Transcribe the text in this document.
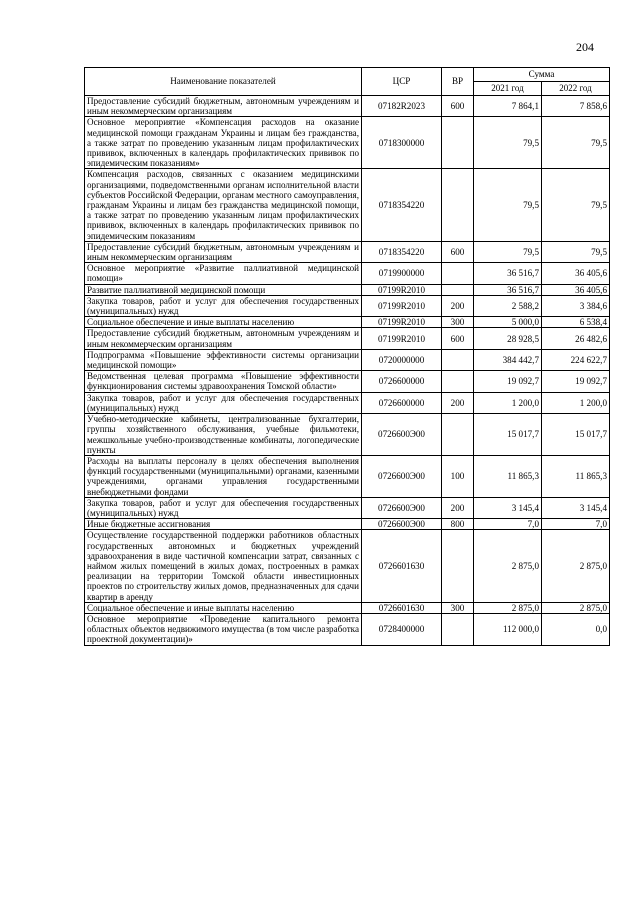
204
Наименование показателей	ЦСР	ВР	Сумма	
			2021 год	2022 год
Предоставление субсидий бюджетным, автономным учреждениям и иным некоммерческим организациям	07182R2023	600	7 864,1	7 858,6
Основное мероприятие «Компенсация расходов на оказание медицинской помощи гражданам Украины и лицам без гражданства, а также затрат по проведению указанным лицам профилактических прививок, включенных в календарь профилактических прививок по эпидемическим показаниям»	0718300000		79,5	79,5
Компенсация расходов, связанных с оказанием медицинскими организациями, подведомственными органам исполнительной власти субъектов Российской Федерации, органам местного самоуправления, гражданам Украины и лицам без гражданства медицинской помощи, а также затрат по проведению указанным лицам профилактических прививок, включенных в календарь профилактических прививок по эпидемическим показаниям	0718354220		79,5	79,5
Предоставление субсидий бюджетным, автономным учреждениям и иным некоммерческим организациям	0718354220	600	79,5	79,5
Основное мероприятие «Развитие паллиативной медицинской помощи»	0719900000		36 516,7	36 405,6
Развитие паллиативной медицинской помощи	07199R2010		36 516,7	36 405,6
Закупка товаров, работ и услуг для обеспечения государственных (муниципальных) нужд	07199R2010	200	2 588,2	3 384,6
Социальное обеспечение и иные выплаты населению	07199R2010	300	5 000,0	6 538,4
Предоставление субсидий бюджетным, автономным учреждениям и иным некоммерческим организациям	07199R2010	600	28 928,5	26 482,6
Подпрограмма «Повышение эффективности системы организации медицинской помощи»	0720000000		384 442,7	224 622,7
Ведомственная целевая программа «Повышение эффективности функционирования системы здравоохранения Томской области»	0726600000		19 092,7	19 092,7
Закупка товаров, работ и услуг для обеспечения государственных (муниципальных) нужд	0726600000	200	1 200,0	1 200,0
Учебно-методические кабинеты, централизованные бухгалтерии, группы хозяйственного обслуживания, учебные фильмотеки, межшкольные учебно-производственные комбинаты, логопедические пункты	0726600Э00		15 017,7	15 017,7
Расходы на выплаты персоналу в целях обеспечения выполнения функций государственными (муниципальными) органами, казенными учреждениями, органами управления государственными внебюджетными фондами	0726600Э00	100	11 865,3	11 865,3
Закупка товаров, работ и услуг для обеспечения государственных (муниципальных) нужд	0726600Э00	200	3 145,4	3 145,4
Иные бюджетные ассигнования	0726600Э00	800	7,0	7,0
Осуществление государственной поддержки работников областных государственных автономных и бюджетных учреждений здравоохранения в виде частичной компенсации затрат, связанных с наймом жилых помещений в жилых домах, построенных в рамках реализации на территории Томской области инвестиционных проектов по строительству жилых домов, предназначенных для сдачи квартир в аренду	0726601630		2 875,0	2 875,0
Социальное обеспечение и иные выплаты населению	0726601630	300	2 875,0	2 875,0
Основное мероприятие «Проведение капитального ремонта областных объектов недвижимого имущества (в том числе разработка проектной документации)»	0728400000		112 000,0	0,0
